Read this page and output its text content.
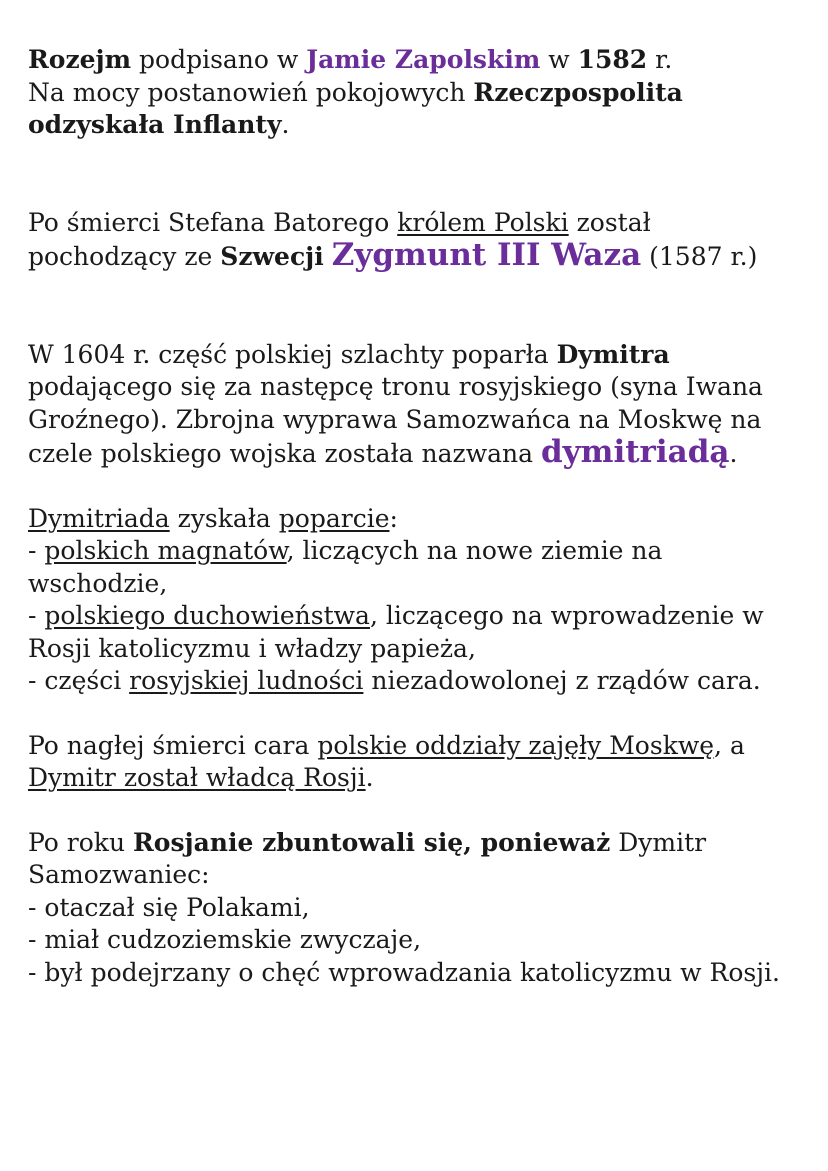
Rozejm podpisano w Jamie Zapolskim w 1582 r.
Na mocy postanowień pokojowych Rzeczpospolita odzyskała Inflanty.

Po śmierci Stefana Batorego królem Polski został pochodzący ze Szwecji Zygmunt III Waza (1587 r.)

W 1604 r. część polskiej szlachty poparła Dymitra podającego się za następcę tronu rosyjskiego (syna Iwana Groźnego). Zbrojna wyprawa Samozwańca na Moskwę na czele polskiego wojska została nazwana dymitriadą.

Dymitriada zyskała poparcie:
- polskich magnatów, liczących na nowe ziemie na wschodzie,
- polskiego duchowieństwa, liczącego na wprowadzenie w Rosji katolicyzmu i władzy papieża,
- części rosyjskiej ludności niezadowolonej z rządów cara.

Po nagłej śmierci cara polskie oddziały zajęły Moskwę, a Dymitr został władcą Rosji.

Po roku Rosjanie zbuntowali się, ponieważ Dymitr Samozwaniec:
- otaczał się Polakami,
- miał cudzoziemskie zwyczaje,
- był podejrzany o chęć wprowadzania katolicyzmu w Rosji.
